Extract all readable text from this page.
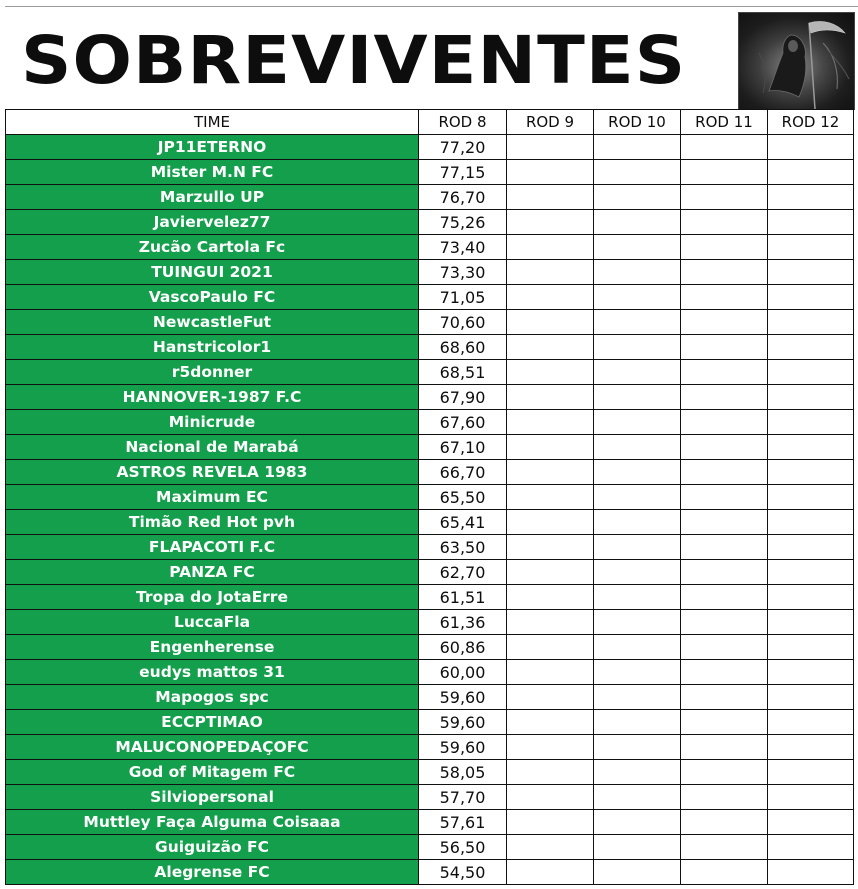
SOBREVIVENTES
TIME	ROD 8	ROD 9	ROD 10	ROD 11	ROD 12
JP11ETERNO	77,20				
Mister M.N FC	77,15				
Marzullo UP	76,70				
Javiervelez77	75,26				
Zucão Cartola Fc	73,40				
TUINGUI 2021	73,30				
VascoPaulo FC	71,05				
NewcastleFut	70,60				
Hanstricolor1	68,60				
r5donner	68,51				
HANNOVER-1987 F.C	67,90				
Minicrude	67,60				
Nacional de Marabá	67,10				
ASTROS REVELA 1983	66,70				
Maximum EC	65,50				
Timão Red Hot pvh	65,41				
FLAPACOTI F.C	63,50				
PANZA FC	62,70				
Tropa do JotaErre	61,51				
LuccaFla	61,36				
Engenherense	60,86				
eudys mattos 31	60,00				
Mapogos spc	59,60				
ECCPTIMAO	59,60				
MALUCONOPEDAÇOFC	59,60				
God of Mitagem FC	58,05				
Silviopersonal	57,70				
Muttley Faça Alguma Coisaaa	57,61				
Guiguizão FC	56,50				
Alegrense FC	54,50				
